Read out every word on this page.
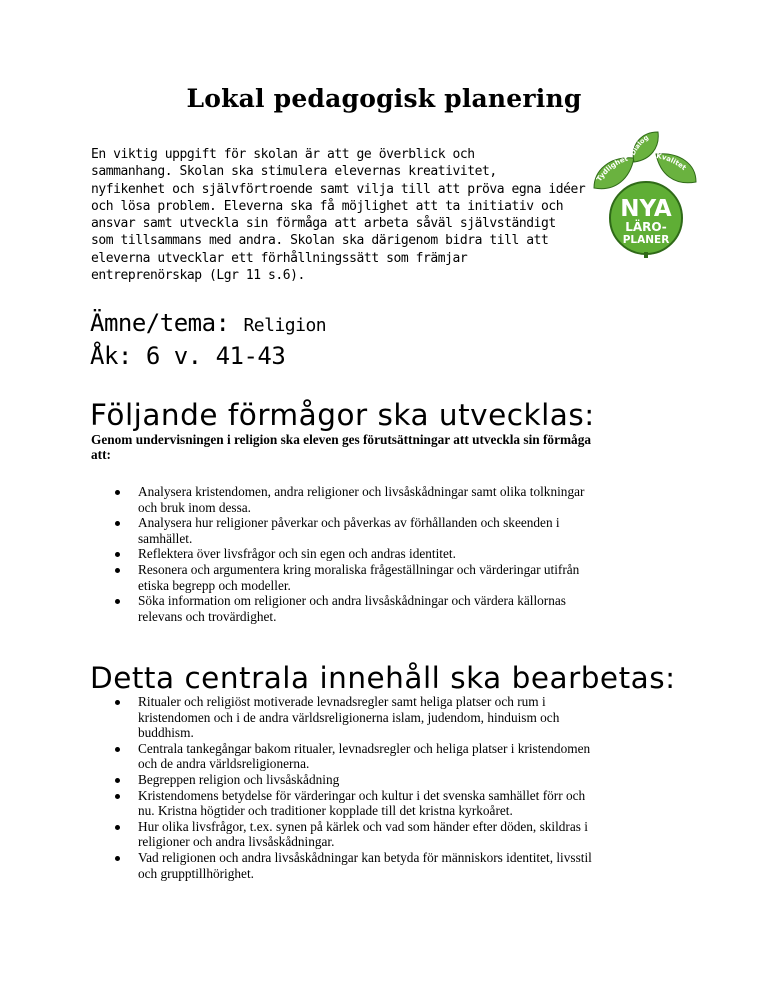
Lokal pedagogisk planering
En viktig uppgift för skolan är att ge överblick och
sammanhang. Skolan ska stimulera elevernas kreativitet,
nyfikenhet och självförtroende samt vilja till att pröva egna idéer
och lösa problem. Eleverna ska få möjlighet att ta initiativ och
ansvar samt utveckla sin förmåga att arbeta såväl självständigt
som tillsammans med andra. Skolan ska därigenom bidra till att
eleverna utvecklar ett förhållningssätt som främjar
entreprenörskap (Lgr 11 s.6).
Tydlighet	Kvalitet
Dialog
NYA
LÄRO-
PLANER
Ämne/tema: Religion
Åk: 6 v. 41-43
Följande förmågor ska utvecklas:
Genom undervisningen i religion ska eleven ges förutsättningar att utveckla sin förmåga
att:
Analysera kristendomen, andra religioner och livsåskådningar samt olika tolkningar
och bruk inom dessa.
Analysera hur religioner påverkar och påverkas av förhållanden och skeenden i
samhället.
Reflektera över livsfrågor och sin egen och andras identitet.
Resonera och argumentera kring moraliska frågeställningar och värderingar utifrån
etiska begrepp och modeller.
Söka information om religioner och andra livsåskådningar och värdera källornas
relevans och trovärdighet.
Detta centrala innehåll ska bearbetas:
Ritualer och religiöst motiverade levnadsregler samt heliga platser och rum i
kristendomen och i de andra världsreligionerna islam, judendom, hinduism och
buddhism.
Centrala tankegångar bakom ritualer, levnadsregler och heliga platser i kristendomen
och de andra världsreligionerna.
Begreppen religion och livsåskådning
Kristendomens betydelse för värderingar och kultur i det svenska samhället förr och
nu. Kristna högtider och traditioner kopplade till det kristna kyrkoåret.
Hur olika livsfrågor, t.ex. synen på kärlek och vad som händer efter döden, skildras i
religioner och andra livsåskådningar.
Vad religionen och andra livsåskådningar kan betyda för människors identitet, livsstil
och grupptillhörighet.
